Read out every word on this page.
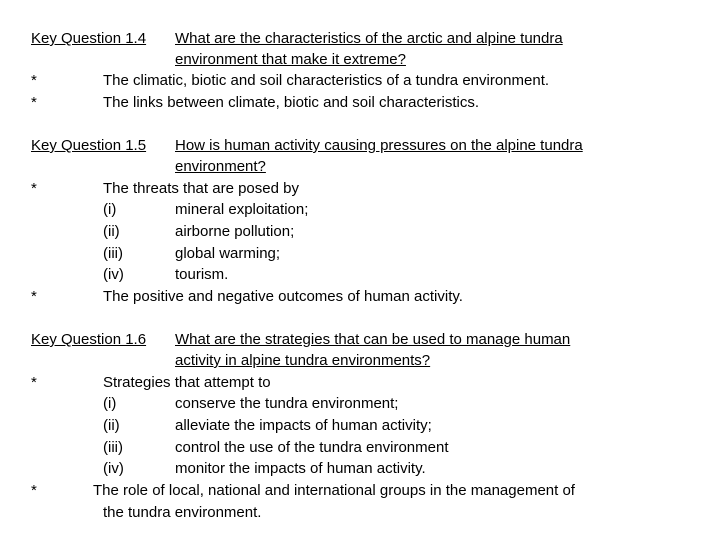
Key Question 1.4 What are the characteristics of the arctic and alpine tundra
environment that make it extreme?
*	The climatic, biotic and soil characteristics of a tundra environment.
*	The links between climate, biotic and soil characteristics.
Key Question 1.5 How is human activity causing pressures on the alpine tundra
environment?
*	The threats that are posed by
(i)	mineral exploitation;
(ii)	airborne pollution;
(iii)	global warming;
(iv)	tourism.
*	The positive and negative outcomes of human activity.
Key Question 1.6 What are the strategies that can be used to manage human
activity in alpine tundra environments?
*	Strategies that attempt to
(i)	conserve the tundra environment;
(ii)	alleviate the impacts of human activity;
(iii)	control the use of the tundra environment
(iv)	monitor the impacts of human activity.
*	The role of local, national and international groups in the management of
the tundra environment.
